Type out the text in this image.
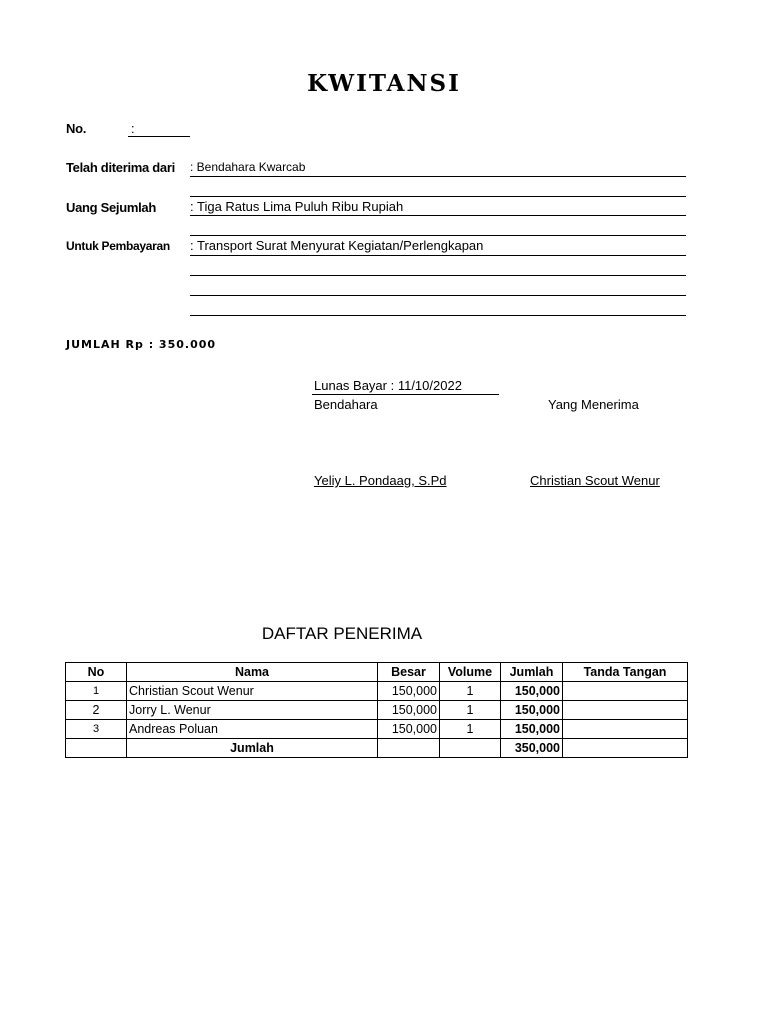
KWITANSI
No.	:
Telah diterima dari : Bendahara Kwarcab
Uang Sejumlah	: Tiga Ratus Lima Puluh Ribu Rupiah
Untuk Pembayaran : Transport Surat Menyurat Kegiatan/Perlengkapan
JUMLAH Rp : 350.000
Lunas Bayar : 11/10/2022
Bendahara	Yang Menerima
Yeliy L. Pondaag, S.Pd	Christian Scout Wenur
DAFTAR PENERIMA
No	Nama	Besar	Volume	Jumlah	Tanda Tangan
1	Christian Scout Wenur	150,000	1	150,000	
2	Jorry L. Wenur	150,000	1	150,000	
3	Andreas Poluan	150,000	1	150,000	
	Jumlah			350,000	
